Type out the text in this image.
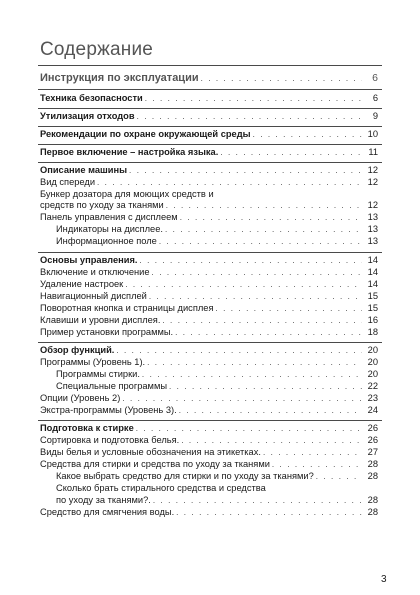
Содержание
Инструкция по эксплуатации . . .	6
Техника безопасности . . .	6
Утилизация отходов . . .	9
Рекомендации по охране окружающей среды . . .	10
Первое включение – настройка языка. . . .	11
Описание машины . . .	12
Вид спереди . . .	12
Бункер дозатора для моющих средств и
средств по уходу за тканями . . .	12
Панель управления с дисплеем . . .	13
Индикаторы на дисплее. . . .	13
Информационное поле . . .	13
Основы управления. . . .	14
Включение и отключение . . .	14
Удаление настроек . . .	14
Навигационный дисплей . . .	15
Поворотная кнопка и страницы дисплея . . .	15
Клавиши и уровни дисплея. . . .	16
Пример установки программы. . . .	18
Обзор функций. . . .	20
Программы (Уровень 1). . . .	20
Программы стирки. . . .	20
Специальные программы . . .	22
Опции (Уровень 2) . . .	23
Экстра-программы (Уровень 3). . . .	24
Подготовка к стирке . . .	26
Сортировка и подготовка белья. . . .	26
Виды белья и условные обозначения на этикетках. . . .	27
Средства для стирки и средства по уходу за тканями . . .	28
Какое выбрать средство для стирки и по уходу за тканями? . . .	28
Сколько брать стирального средства и средства
по уходу за тканями?. . . .	28
Средство для смягчения воды. . . .	28
3
